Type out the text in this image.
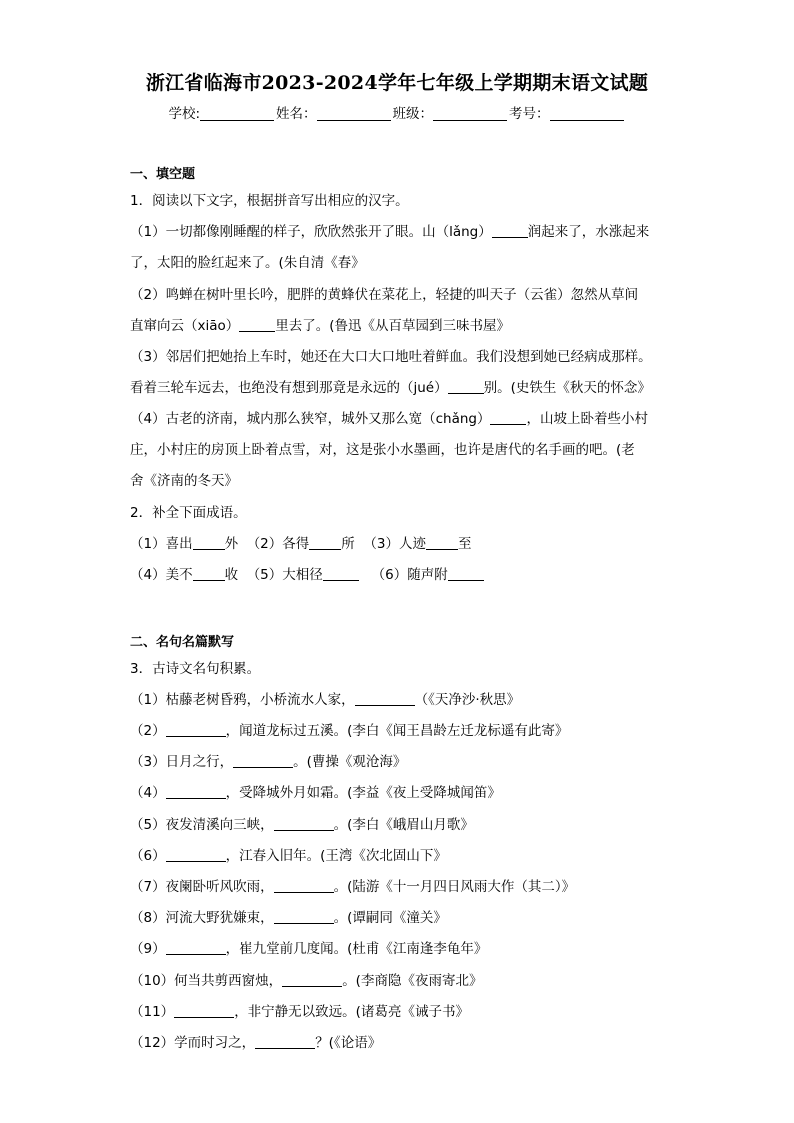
浙江省临海市2023-2024学年七年级上学期期末语文试题
学校:	姓名：	班级：	考号：
一、填空题
1．阅读以下文字，根据拼音写出相应的汉字。
（1）一切都像刚睡醒的样子，欣欣然张开了眼。山（lǎng）	润起来了，水涨起来
了，太阳的脸红起来了。(朱自清《春》
（2）鸣蝉在树叶里长吟，肥胖的黄蜂伏在菜花上，轻捷的叫天子（云雀）忽然从草间
直窜向云（xiāo）	里去了。(鲁迅《从百草园到三味书屋》
（3）邻居们把她抬上车时，她还在大口大口地吐着鲜血。我们没想到她已经病成那样。
看着三轮车远去，也绝没有想到那竟是永远的（jué）	别。(史铁生《秋天的怀念》
（4）古老的济南，城内那么狭窄，城外又那么宽（chǎng）	，山坡上卧着些小村
庄，小村庄的房顶上卧着点雪，对，这是张小水墨画，也许是唐代的名手画的吧。(老
舍《济南的冬天》
2．补全下面成语。
（1）喜出 外 （2）各得 所 （3）人迹 至
（4）美不 收 （5）大相径	（6）随声附
二、名句名篇默写
3．古诗文名句积累。
（1）枯藤老树昏鸦，小桥流水人家，	（《天净沙·秋思》
（2）	，闻道龙标过五溪。(李白《闻王昌龄左迁龙标遥有此寄》
（3）日月之行，	。(曹操《观沧海》
（4）	，受降城外月如霜。(李益《夜上受降城闻笛》
（5）夜发清溪向三峡，	。(李白《峨眉山月歌》
（6）	，江春入旧年。(王湾《次北固山下》
（7）夜阑卧听风吹雨，	。(陆游《十一月四日风雨大作（其二）》
（8）河流大野犹嫌束，	。(谭嗣同《潼关》
（9）	，崔九堂前几度闻。(杜甫《江南逢李龟年》
（10）何当共剪西窗烛，	。(李商隐《夜雨寄北》
（11）	，非宁静无以致远。(诸葛亮《诫子书》
（12）学而时习之，	？(《论语》
